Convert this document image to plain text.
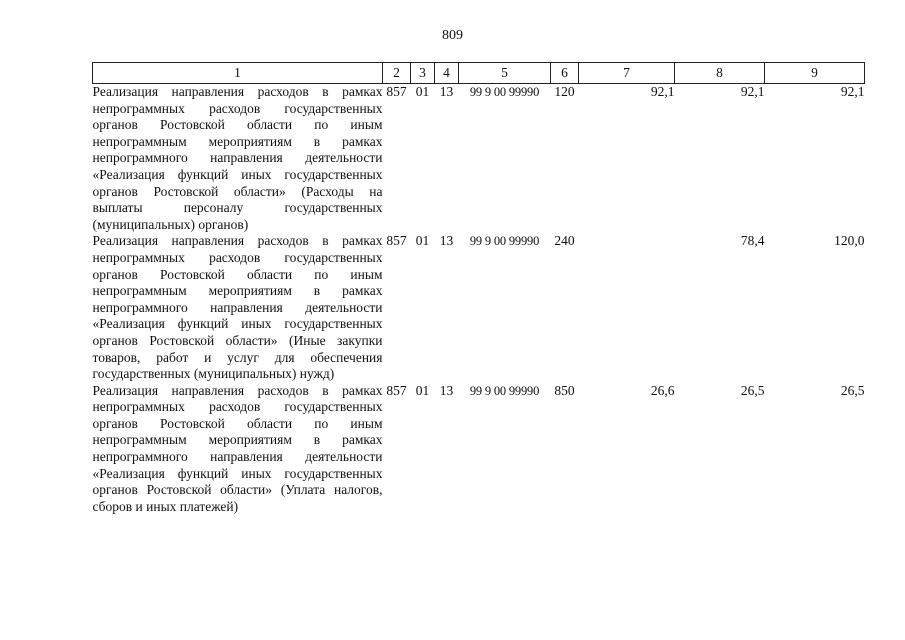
809
1	2	3	4	5	6	7	8	9
Реализация направления расходов в рамках непрограммных расходов государственных органов Ростовской области по иным непрограммным мероприятиям в рамках непрограммного направления деятельности «Реализация функций иных государственных органов Ростовской области» (Расходы на выплаты персоналу государственных (муниципальных) органов)	857	01	13	99 9 00 99990	120	92,1	92,1	92,1
Реализация направления расходов в рамках непрограммных расходов государственных органов Ростовской области по иным непрограммным мероприятиям в рамках непрограммного направления деятельности «Реализация функций иных государственных органов Ростовской области» (Иные закупки товаров, работ и услуг для обеспечения государственных (муниципальных) нужд)	857	01	13	99 9 00 99990	240		78,4	120,0
Реализация направления расходов в рамках непрограммных расходов государственных органов Ростовской области по иным непрограммным мероприятиям в рамках непрограммного направления деятельности «Реализация функций иных государственных органов Ростовской области» (Уплата налогов, сборов и иных платежей)	857	01	13	99 9 00 99990	850	26,6	26,5	26,5
